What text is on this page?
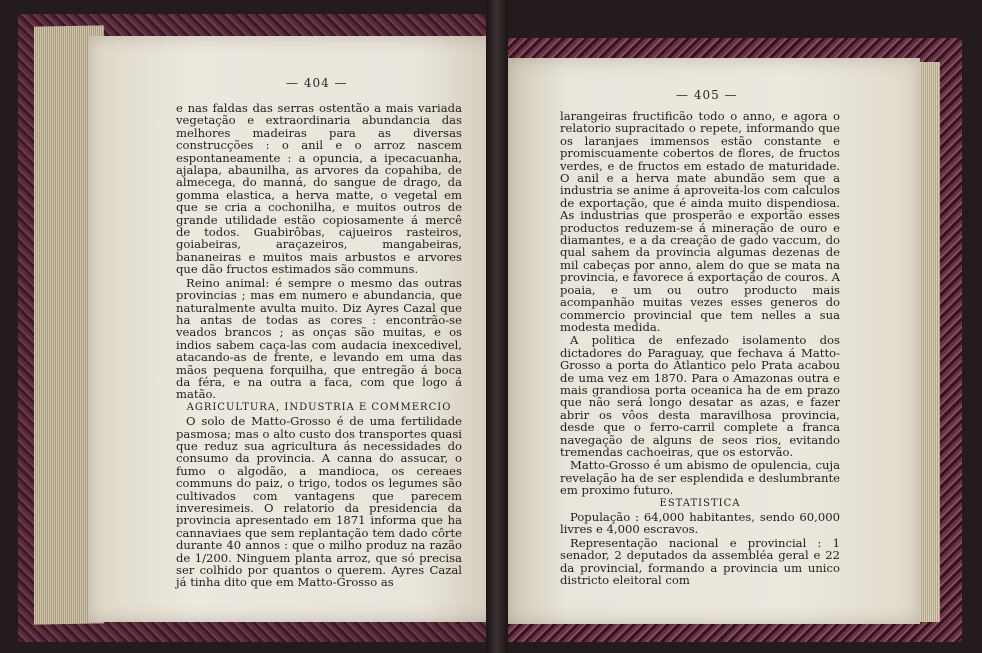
— 404 —

e nas faldas das serras ostentão a mais variada vegetação e extraordinaria abundancia das melhores madeiras para as diversas construcções : o anil e o arroz nascem espontaneamente : a opuncia, a ipecacuanha, ajalapa, abaunilha, as arvores da copahiba, de almecega, do manná, do sangue de drago, da gomma elastica, a herva matte, o vegetal em que se cria a cochonilha, e muitos outros de grande utilidade estão copiosamente á mercê de todos. Guabirôbas, cajueiros rasteiros, goiabeiras, araçazeiros, mangabeiras, bananeiras e muitos mais arbustos e arvores que dão fructos estimados são communs.

Reino animal: é sempre o mesmo das outras provincias ; mas em numero e abundancia, que naturalmente avulta muito. Diz Ayres Cazal que ha antas de todas as cores : encontrão-se veados brancos ; as onças são muitas, e os indios sabem caça-las com audacia inexcedivel, atacando-as de frente, e levando em uma das mãos pequena forquilha, que entregão á boca da féra, e na outra a faca, com que logo á matão.

AGRICULTURA, INDUSTRIA E COMMERCIO

O solo de Matto-Grosso é de uma fertilidade pasmosa; mas o alto custo dos transportes quasi que reduz sua agricultura ás necessidades do consumo da provincia. A canna do assucar, o fumo o algodão, a mandioca, os cereaes communs do paiz, o trigo, todos os legumes são cultivados com vantagens que parecem inveresimeis. O relatorio da presidencia da provincia apresentado em 1871 informa que ha cannaviaes que sem replantação tem dado côrte durante 40 annos : que o milho produz na razão de 1/200. Ninguem planta arroz, que só precisa ser colhido por quantos o querem. Ayres Cazal já tinha dito que em Matto-Grosso as

— 405 —

larangeiras fructificão todo o anno, e agora o relatorio supracitado o repete, informando que os laranjaes immensos estão constante e promiscuamente cobertos de flores, de fructos verdes, e de fructos em estado de maturidade. O anil e a herva mate abundão sem que a industria se anime á aproveita-los com calculos de exportação, que é ainda muito dispendiosa. As industrias que prosperão e exportão esses productos reduzem-se á mineração de ouro e diamantes, e a da creação de gado vaccum, do qual sahem da provincia algumas dezenas de mil cabeças por anno, alem do que se mata na provincia, e favorece á exportação de couros. A poaia, e um ou outro producto mais acompanhão muitas vezes esses generos do commercio provincial que tem nelles a sua modesta medida.

A politica de enfezado isolamento dos dictadores do Paraguay, que fechava á Matto-Grosso a porta do Atlantico pelo Prata acabou de uma vez em 1870. Para o Amazonas outra e mais grandiosa porta oceanica ha de em prazo que não será longo desatar as azas, e fazer abrir os vôos desta maravilhosa provincia, desde que o ferro-carril complete a franca navegação de alguns de seos rios, evitando tremendas cachoeiras, que os estorvão.

Matto-Grosso é um abismo de opulencia, cuja revelação ha de ser esplendida e deslumbrante em proximo futuro.

ESTATISTICA

População : 64,000 habitantes, sendo 60,000 livres e 4,000 escravos.

Representação nacional e provincial : 1 senador, 2 deputados da assembléa geral e 22 da provincial, formando a provincia um unico districto eleitoral com
